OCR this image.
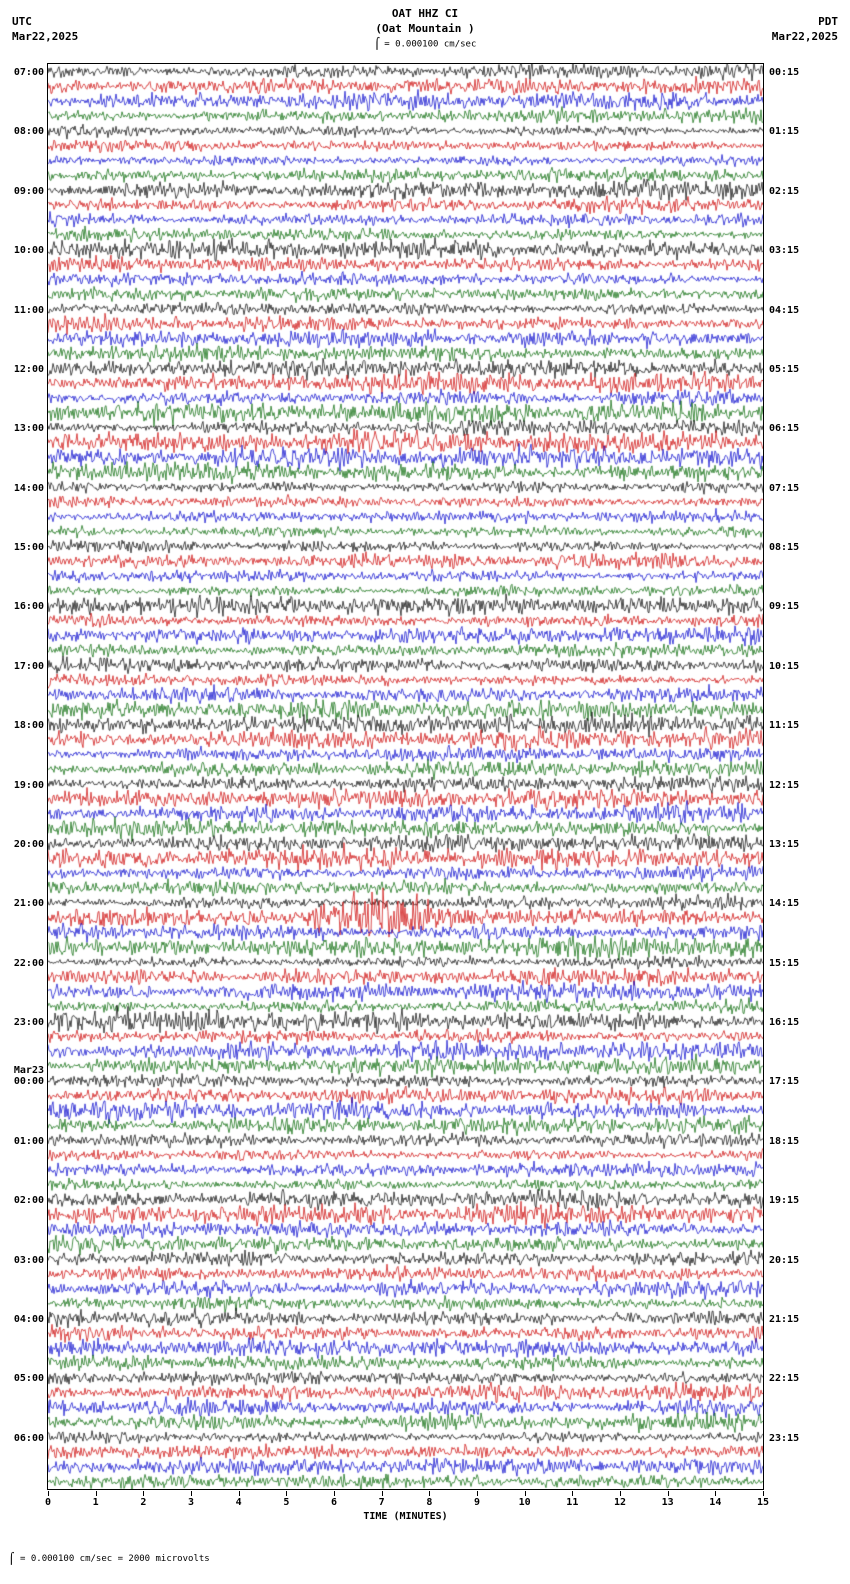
UTC
Mar22,2025
OAT HHZ CI
(Oat Mountain )
PDT
Mar22,2025
⌠ = 0.000100 cm/sec
07:00
08:00
09:00
10:00
11:00
12:00
13:00
14:00
15:00
16:00
17:00
18:00
19:00
20:00
21:00
22:00
23:00
Mar23
00:00
01:00
02:00
03:00
04:00
05:00
06:00
00:15
01:15
02:15
03:15
04:15
05:15
06:15
07:15
08:15
09:15
10:15
11:15
12:15
13:15
14:15
15:15
16:15
17:15
18:15
19:15
20:15
21:15
22:15
23:15
TIME (MINUTES)
0	1	2	3	4	5	6	7	8	9	10	11	12	13	14	15
⌠ = 0.000100 cm/sec = 2000 microvolts
